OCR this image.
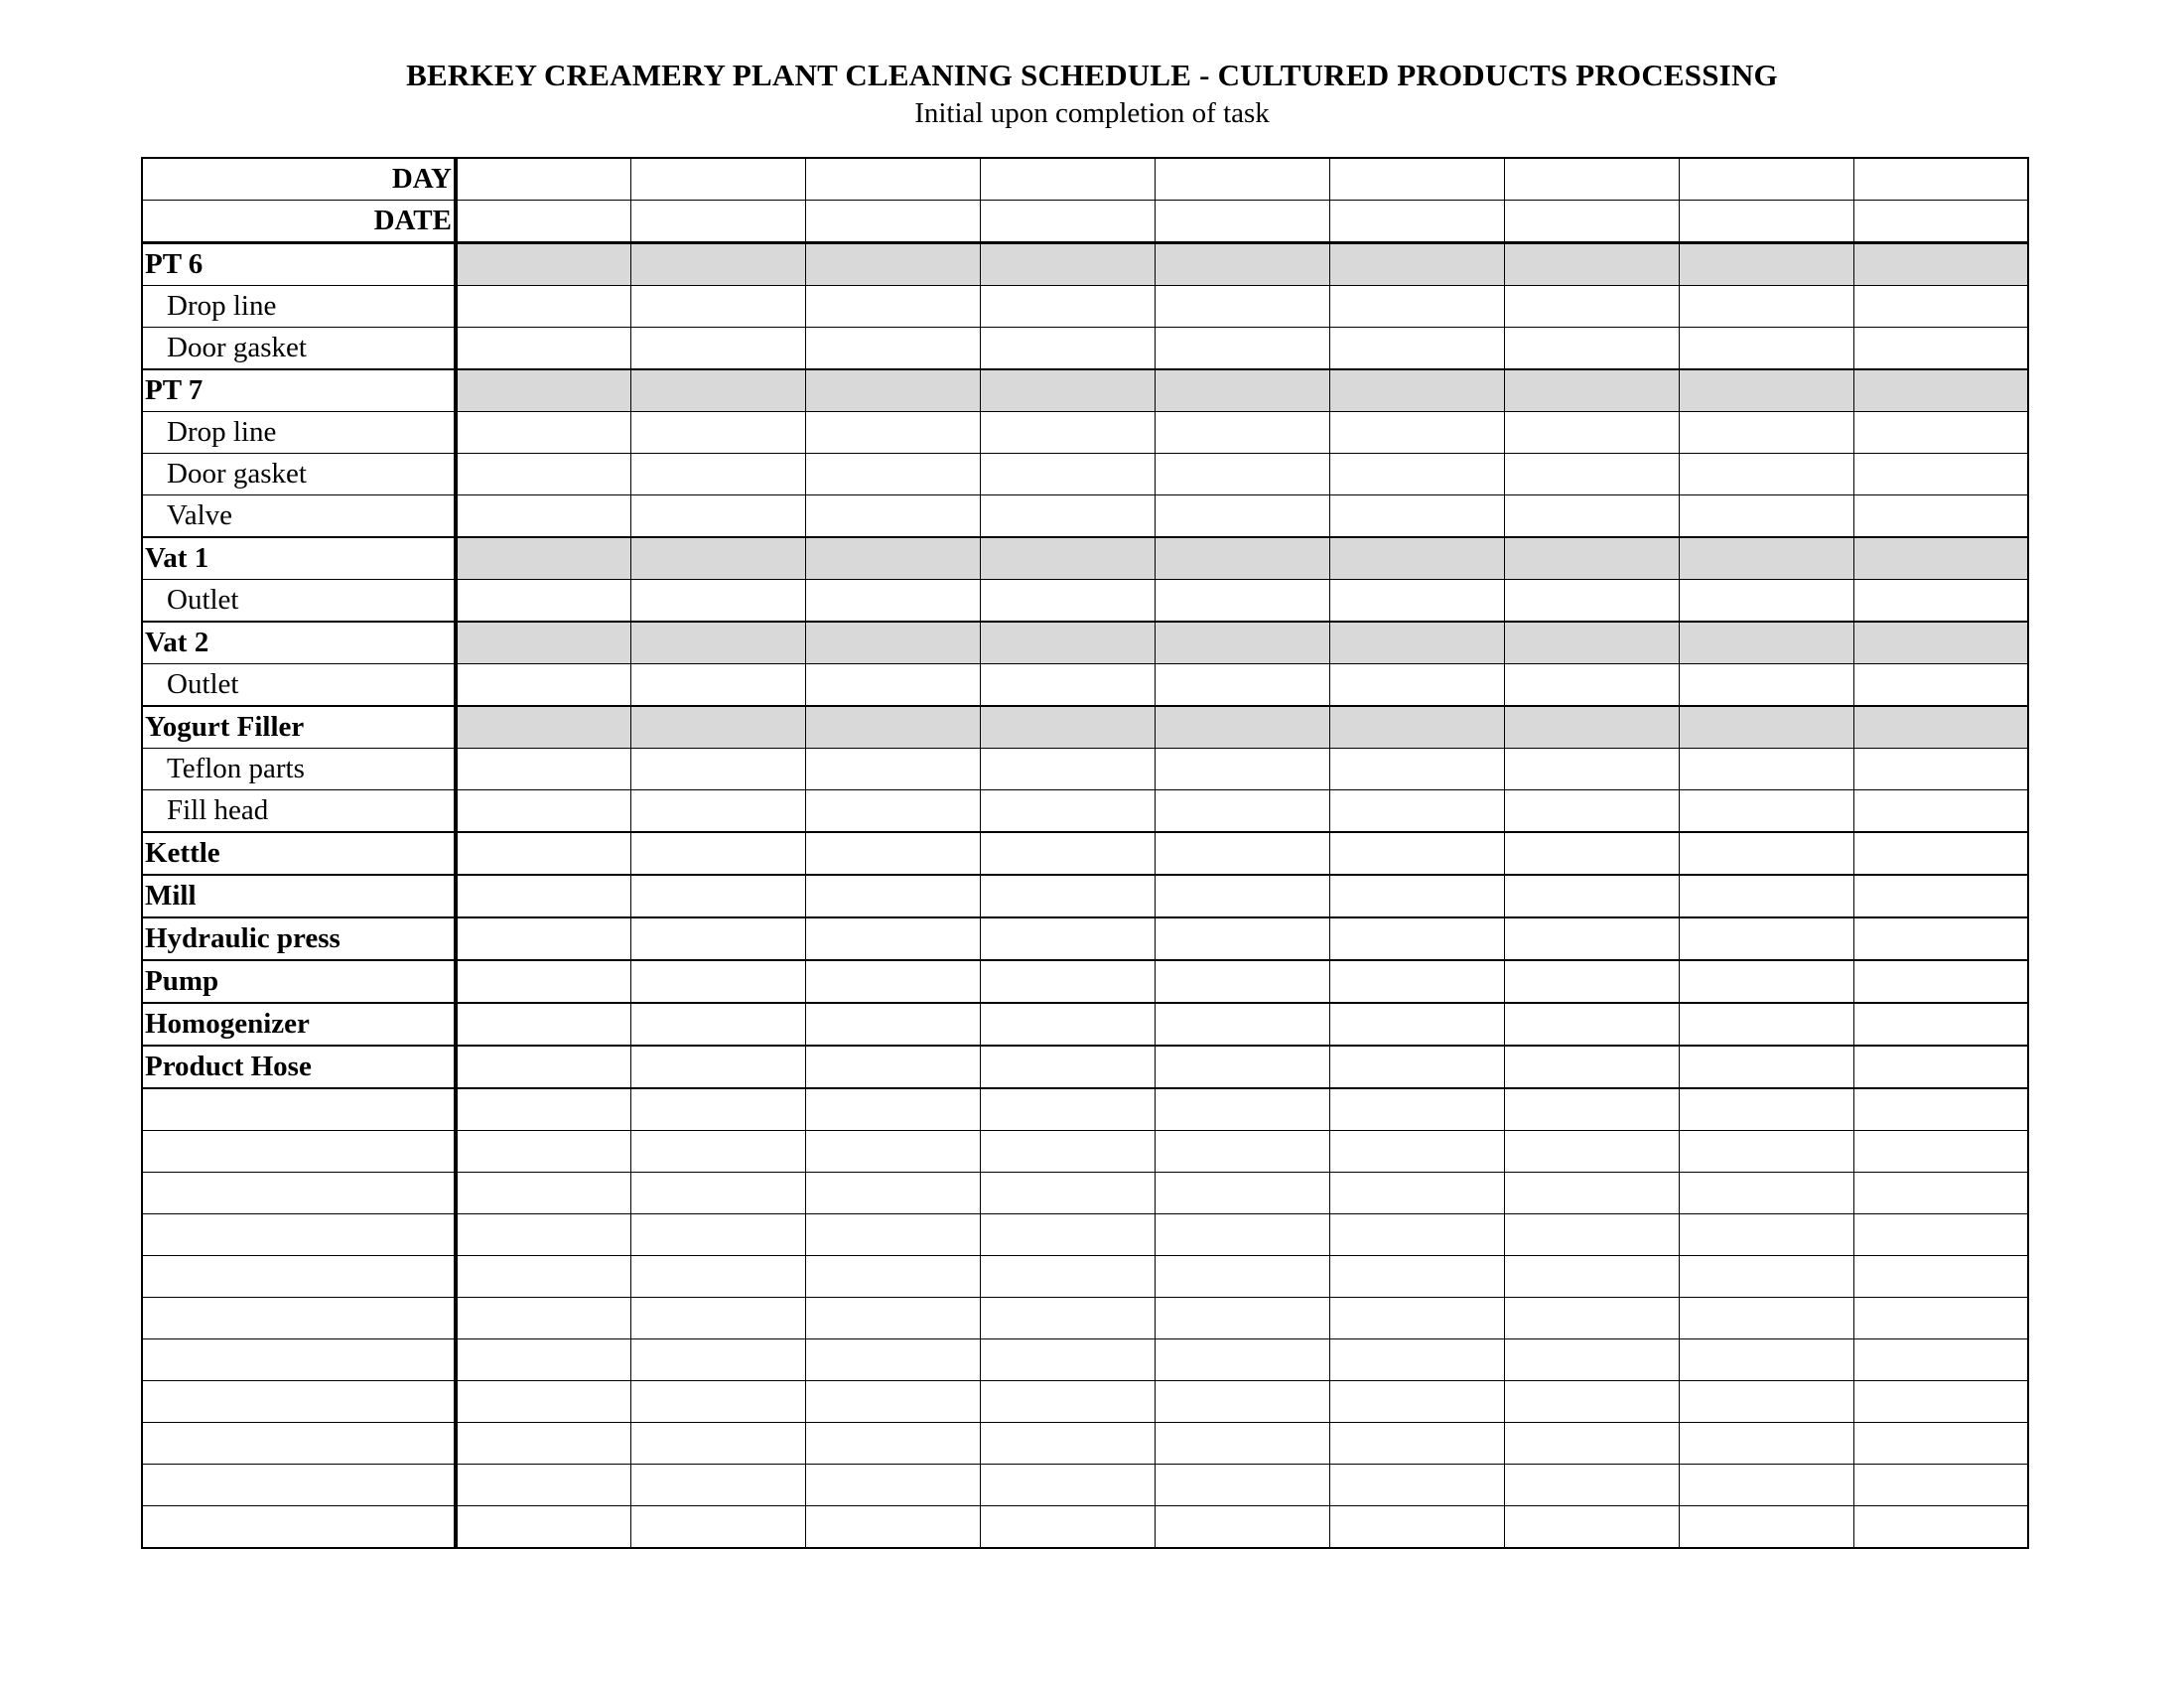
BERKEY CREAMERY PLANT CLEANING SCHEDULE - CULTURED PRODUCTS PROCESSING
Initial upon completion of task
DAY									
DATE									
PT 6									
Drop line									
Door gasket									
PT 7									
Drop line									
Door gasket									
Valve									
Vat 1									
Outlet									
Vat 2									
Outlet									
Yogurt Filler									
Teflon parts									
Fill head									
Kettle									
Mill									
Hydraulic press									
Pump									
Homogenizer									
Product Hose									
